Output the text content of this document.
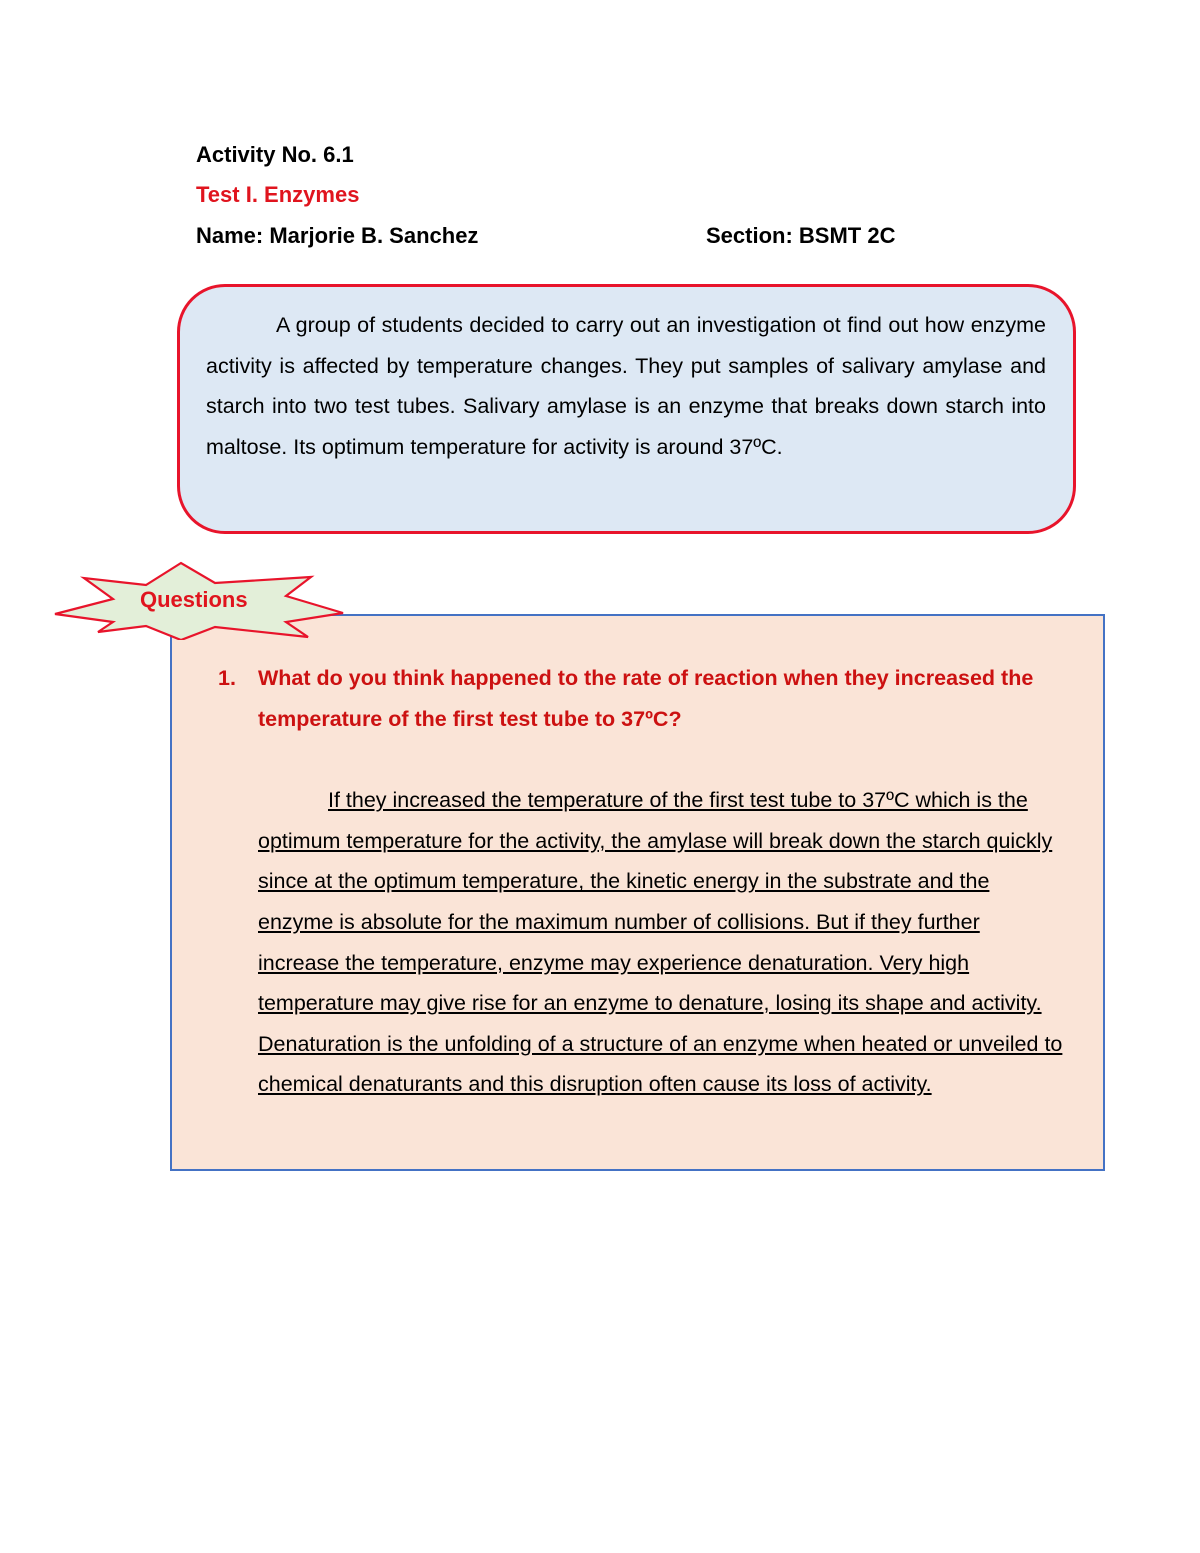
Activity No. 6.1
Test I. Enzymes

Name: Marjorie B. Sanchez	Section: BSMT 2C

A group of students decided to carry out an investigation ot find out how enzyme activity is affected by temperature changes. They put samples of salivary amylase and starch into two test tubes. Salivary amylase is an enzyme that breaks down starch into maltose. Its optimum temperature for activity is around 37ºC.

1.	What do you think happened to the rate of reaction when they increased the temperature of the first test tube to 37ºC?

If they increased the temperature of the first test tube to 37ºC which is the optimum temperature for the activity, the amylase will break down the starch quickly since at the optimum temperature, the kinetic energy in the substrate and the enzyme is absolute for the maximum number of collisions. But if they further increase the temperature, enzyme may experience denaturation. Very high temperature may give rise for an enzyme to denature, losing its shape and activity. Denaturation is the unfolding of a structure of an enzyme when heated or unveiled to chemical denaturants and this disruption often cause its loss of activity.

Questions
